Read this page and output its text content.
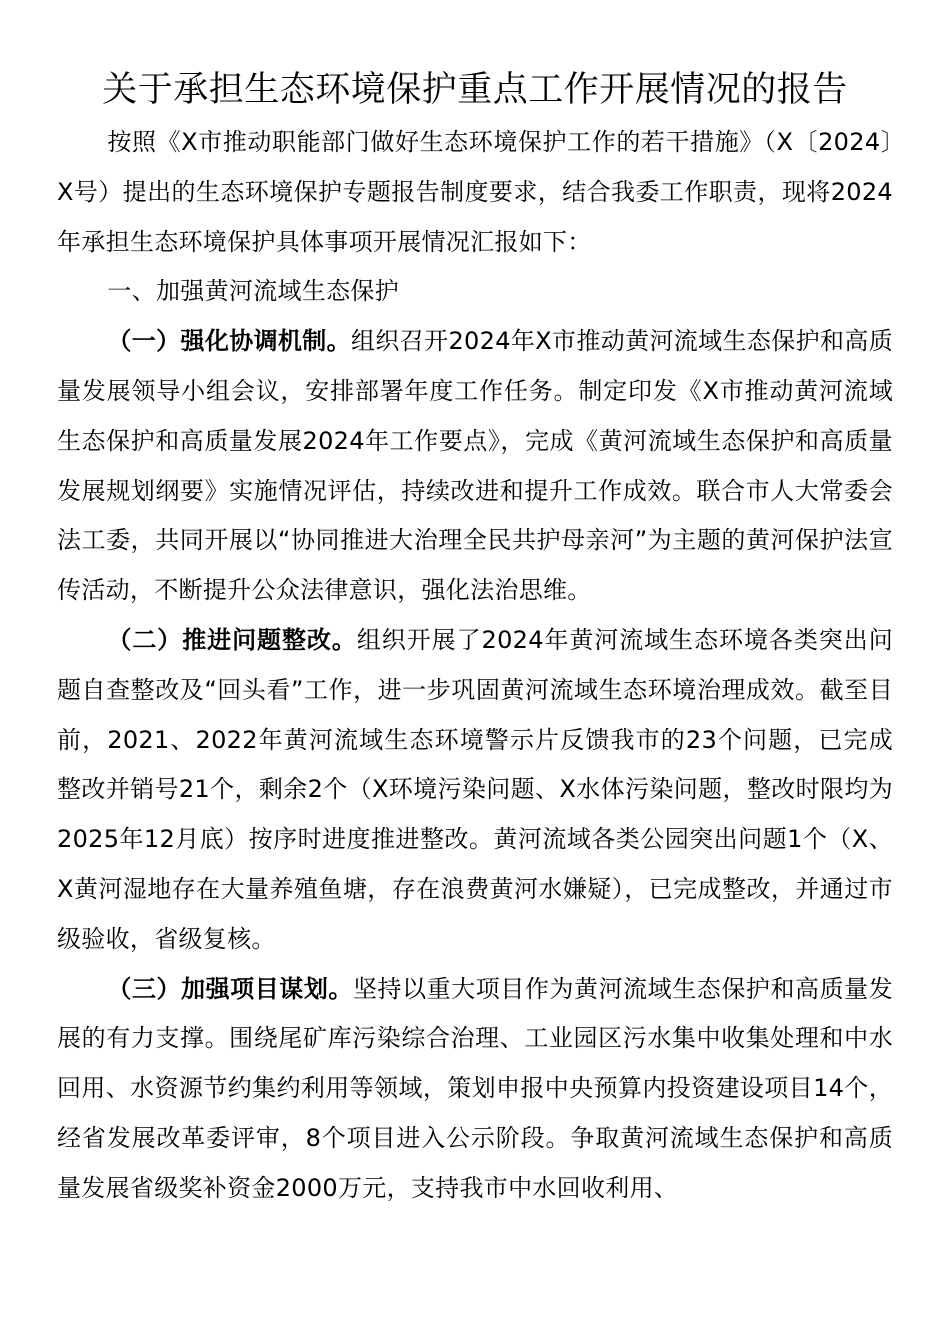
关于承担生态环境保护重点工作开展情况的报告

按照《X市推动职能部门做好生态环境保护工作的若干措施》（X〔2024〕X号）提出的生态环境保护专题报告制度要求，结合我委工作职责，现将2024年承担生态环境保护具体事项开展情况汇报如下：

一、加强黄河流域生态保护

（一）强化协调机制。组织召开2024年X市推动黄河流域生态保护和高质量发展领导小组会议，安排部署年度工作任务。制定印发《X市推动黄河流域生态保护和高质量发展2024年工作要点》，完成《黄河流域生态保护和高质量发展规划纲要》实施情况评估，持续改进和提升工作成效。联合市人大常委会法工委，共同开展以“协同推进大治理全民共护母亲河”为主题的黄河保护法宣传活动，不断提升公众法律意识，强化法治思维。

（二）推进问题整改。组织开展了2024年黄河流域生态环境各类突出问题自查整改及“回头看”工作，进一步巩固黄河流域生态环境治理成效。截至目前，2021、2022年黄河流域生态环境警示片反馈我市的23个问题，已完成整改并销号21个，剩余2个（X环境污染问题、X水体污染问题，整改时限均为2025年12月底）按序时进度推进整改。黄河流域各类公园突出问题1个（X、X黄河湿地存在大量养殖鱼塘，存在浪费黄河水嫌疑），已完成整改，并通过市级验收，省级复核。

（三）加强项目谋划。坚持以重大项目作为黄河流域生态保护和高质量发展的有力支撑。围绕尾矿库污染综合治理、工业园区污水集中收集处理和中水回用、水资源节约集约利用等领域，策划申报中央预算内投资建设项目14个，经省发展改革委评审，8个项目进入公示阶段。争取黄河流域生态保护和高质量发展省级奖补资金2000万元，支持我市中水回收利用、
